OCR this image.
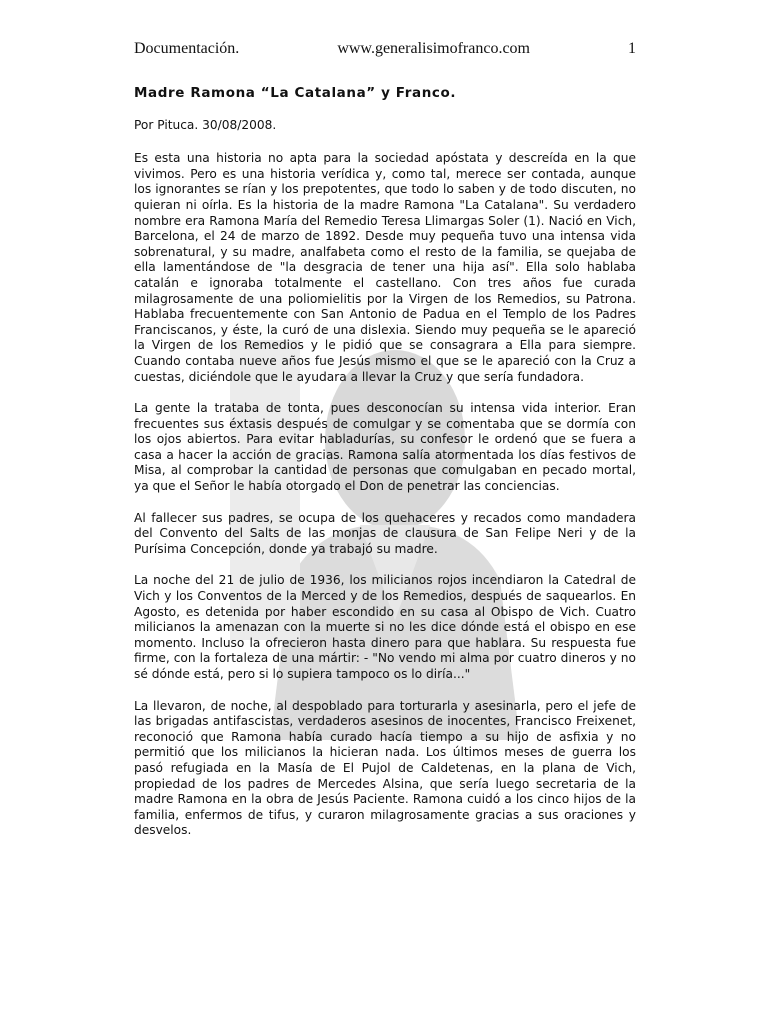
Documentación.	www.generalisimofranco.com	1
Madre Ramona “La Catalana” y Franco.
Por Pituca. 30/08/2008.

Es esta una historia no apta para la sociedad apóstata y descreída en la que vivimos. Pero es una historia verídica y, como tal, merece ser contada, aunque los ignorantes se rían y los prepotentes, que todo lo saben y de todo discuten, no quieran ni oírla. Es la historia de la madre Ramona "La Catalana". Su verdadero nombre era Ramona María del Remedio Teresa Llimargas Soler (1). Nació en Vich, Barcelona, el 24 de marzo de 1892. Desde muy pequeña tuvo una intensa vida sobrenatural, y su madre, analfabeta como el resto de la familia, se quejaba de ella lamentándose de "la desgracia de tener una hija así". Ella solo hablaba catalán e ignoraba totalmente el castellano. Con tres años fue curada milagrosamente de una poliomielitis por la Virgen de los Remedios, su Patrona. Hablaba frecuentemente con San Antonio de Padua en el Templo de los Padres Franciscanos, y éste, la curó de una dislexia. Siendo muy pequeña se le apareció la Virgen de los Remedios y le pidió que se consagrara a Ella para siempre. Cuando contaba nueve años fue Jesús mismo el que se le apareció con la Cruz a cuestas, diciéndole que le ayudara a llevar la Cruz y que sería fundadora.

La gente la trataba de tonta, pues desconocían su intensa vida interior. Eran frecuentes sus éxtasis después de comulgar y se comentaba que se dormía con los ojos abiertos. Para evitar habladurías, su confesor le ordenó que se fuera a casa a hacer la acción de gracias. Ramona salía atormentada los días festivos de Misa, al comprobar la cantidad de personas que comulgaban en pecado mortal, ya que el Señor le había otorgado el Don de penetrar las conciencias.

Al fallecer sus padres, se ocupa de los quehaceres y recados como mandadera del Convento del Salts de las monjas de clausura de San Felipe Neri y de la Purísima Concepción, donde ya trabajó su madre.

La noche del 21 de julio de 1936, los milicianos rojos incendiaron la Catedral de Vich y los Conventos de la Merced y de los Remedios, después de saquearlos. En Agosto, es detenida por haber escondido en su casa al Obispo de Vich. Cuatro milicianos la amenazan con la muerte si no les dice dónde está el obispo en ese momento. Incluso la ofrecieron hasta dinero para que hablara. Su respuesta fue firme, con la fortaleza de una mártir: - "No vendo mi alma por cuatro dineros y no sé dónde está, pero si lo supiera tampoco os lo diría..."

La llevaron, de noche, al despoblado para torturarla y asesinarla, pero el jefe de las brigadas antifascistas, verdaderos asesinos de inocentes, Francisco Freixenet, reconoció que Ramona había curado hacía tiempo a su hijo de asfixia y no permitió que los milicianos la hicieran nada. Los últimos meses de guerra los pasó refugiada en la Masía de El Pujol de Caldetenas, en la plana de Vich, propiedad de los padres de Mercedes Alsina, que sería luego secretaria de la madre Ramona en la obra de Jesús Paciente. Ramona cuidó a los cinco hijos de la familia, enfermos de tifus, y curaron milagrosamente gracias a sus oraciones y desvelos.
